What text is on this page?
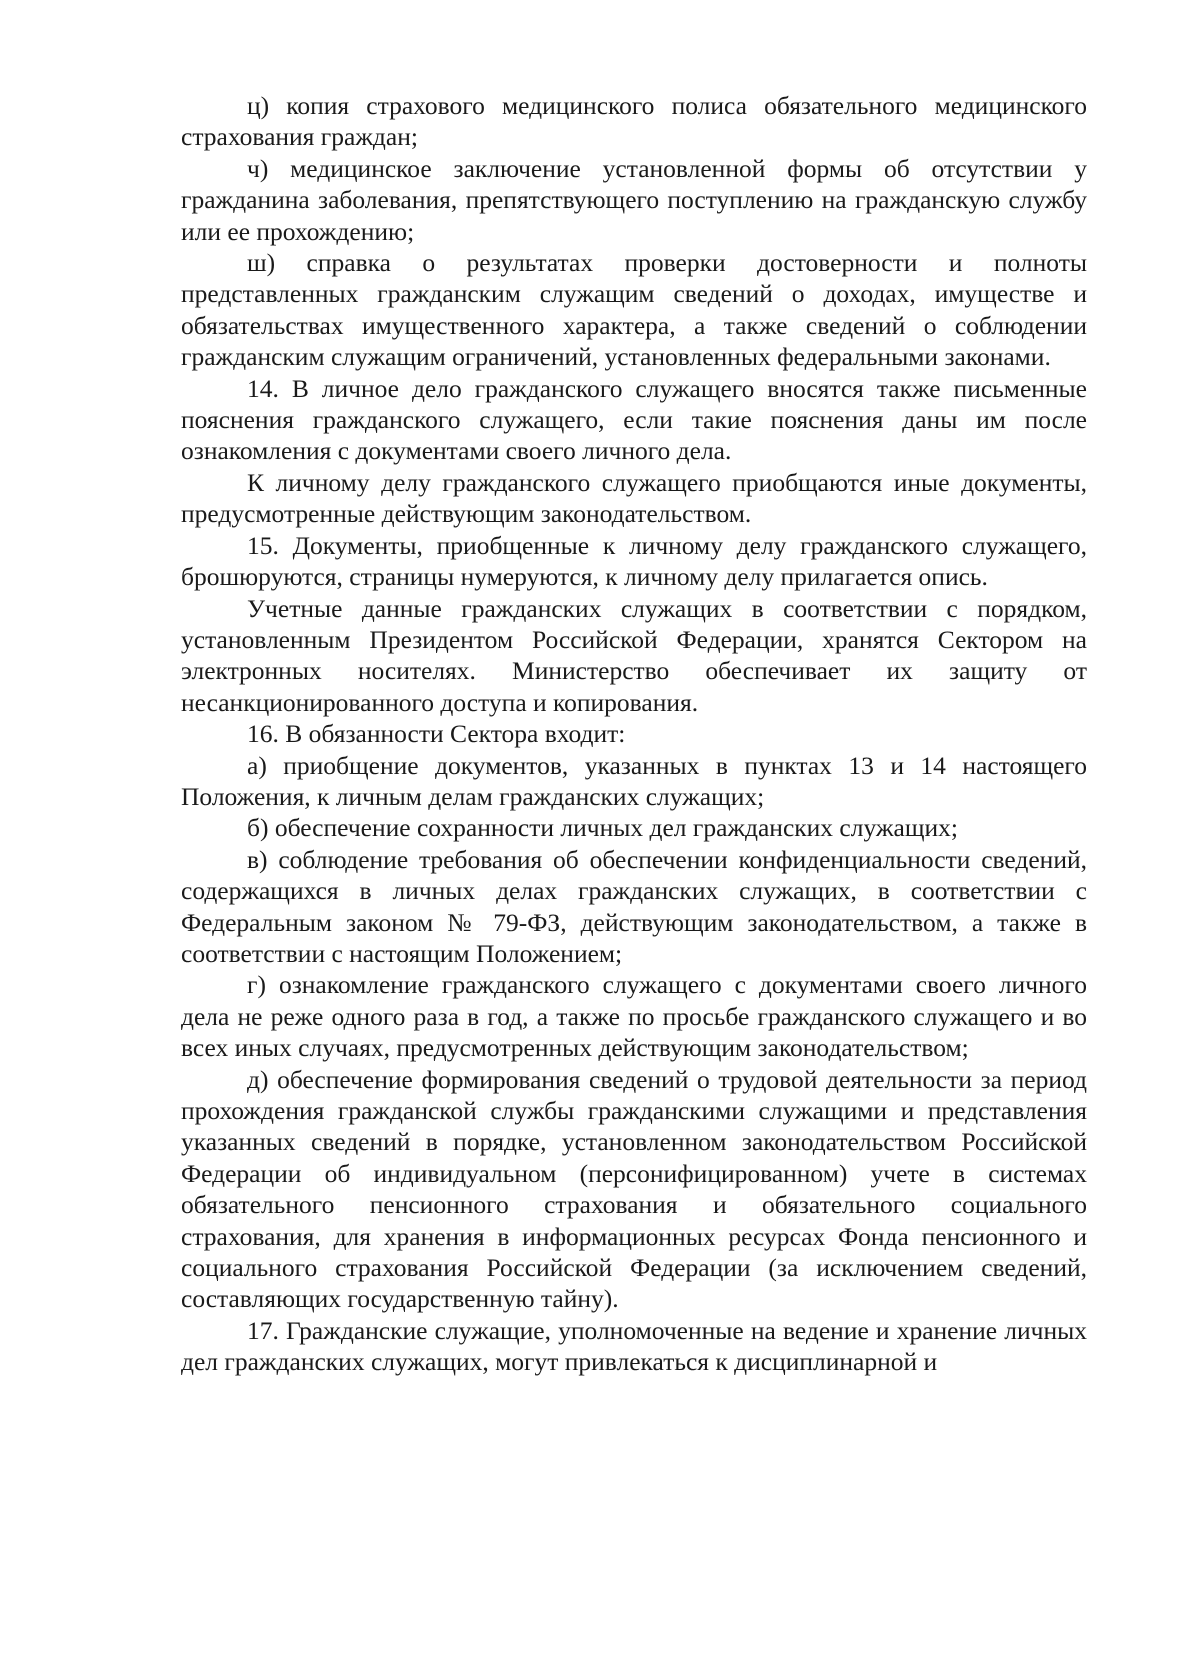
ц) копия страхового медицинского полиса обязательного медицинского страхования граждан;

ч) медицинское заключение установленной формы об отсутствии у гражданина заболевания, препятствующего поступлению на гражданскую службу или ее прохождению;

ш) справка о результатах проверки достоверности и полноты представленных гражданским служащим сведений о доходах, имуществе и обязательствах имущественного характера, а также сведений о соблюдении гражданским служащим ограничений, установленных федеральными законами.

14. В личное дело гражданского служащего вносятся также письменные пояснения гражданского служащего, если такие пояснения даны им после ознакомления с документами своего личного дела.

К личному делу гражданского служащего приобщаются иные документы, предусмотренные действующим законодательством.

15. Документы, приобщенные к личному делу гражданского служащего, брошюруются, страницы нумеруются, к личному делу прилагается опись.

Учетные данные гражданских служащих в соответствии с порядком, установленным Президентом Российской Федерации, хранятся Сектором на электронных носителях. Министерство обеспечивает их защиту от несанкционированного доступа и копирования.

16. В обязанности Сектора входит:

а) приобщение документов, указанных в пунктах 13 и 14 настоящего Положения, к личным делам гражданских служащих;

б) обеспечение сохранности личных дел гражданских служащих;

в) соблюдение требования об обеспечении конфиденциальности сведений, содержащихся в личных делах гражданских служащих, в соответствии с Федеральным законом № 79-ФЗ, действующим законодательством, а также в соответствии с настоящим Положением;

г) ознакомление гражданского служащего с документами своего личного дела не реже одного раза в год, а также по просьбе гражданского служащего и во всех иных случаях, предусмотренных действующим законодательством;

д) обеспечение формирования сведений о трудовой деятельности за период прохождения гражданской службы гражданскими служащими и представления указанных сведений в порядке, установленном законодательством Российской Федерации об индивидуальном (персонифицированном) учете в системах обязательного пенсионного страхования и обязательного социального страхования, для хранения в информационных ресурсах Фонда пенсионного и социального страхования Российской Федерации (за исключением сведений, составляющих государственную тайну).

17. Гражданские служащие, уполномоченные на ведение и хранение личных дел гражданских служащих, могут привлекаться к дисциплинарной и
